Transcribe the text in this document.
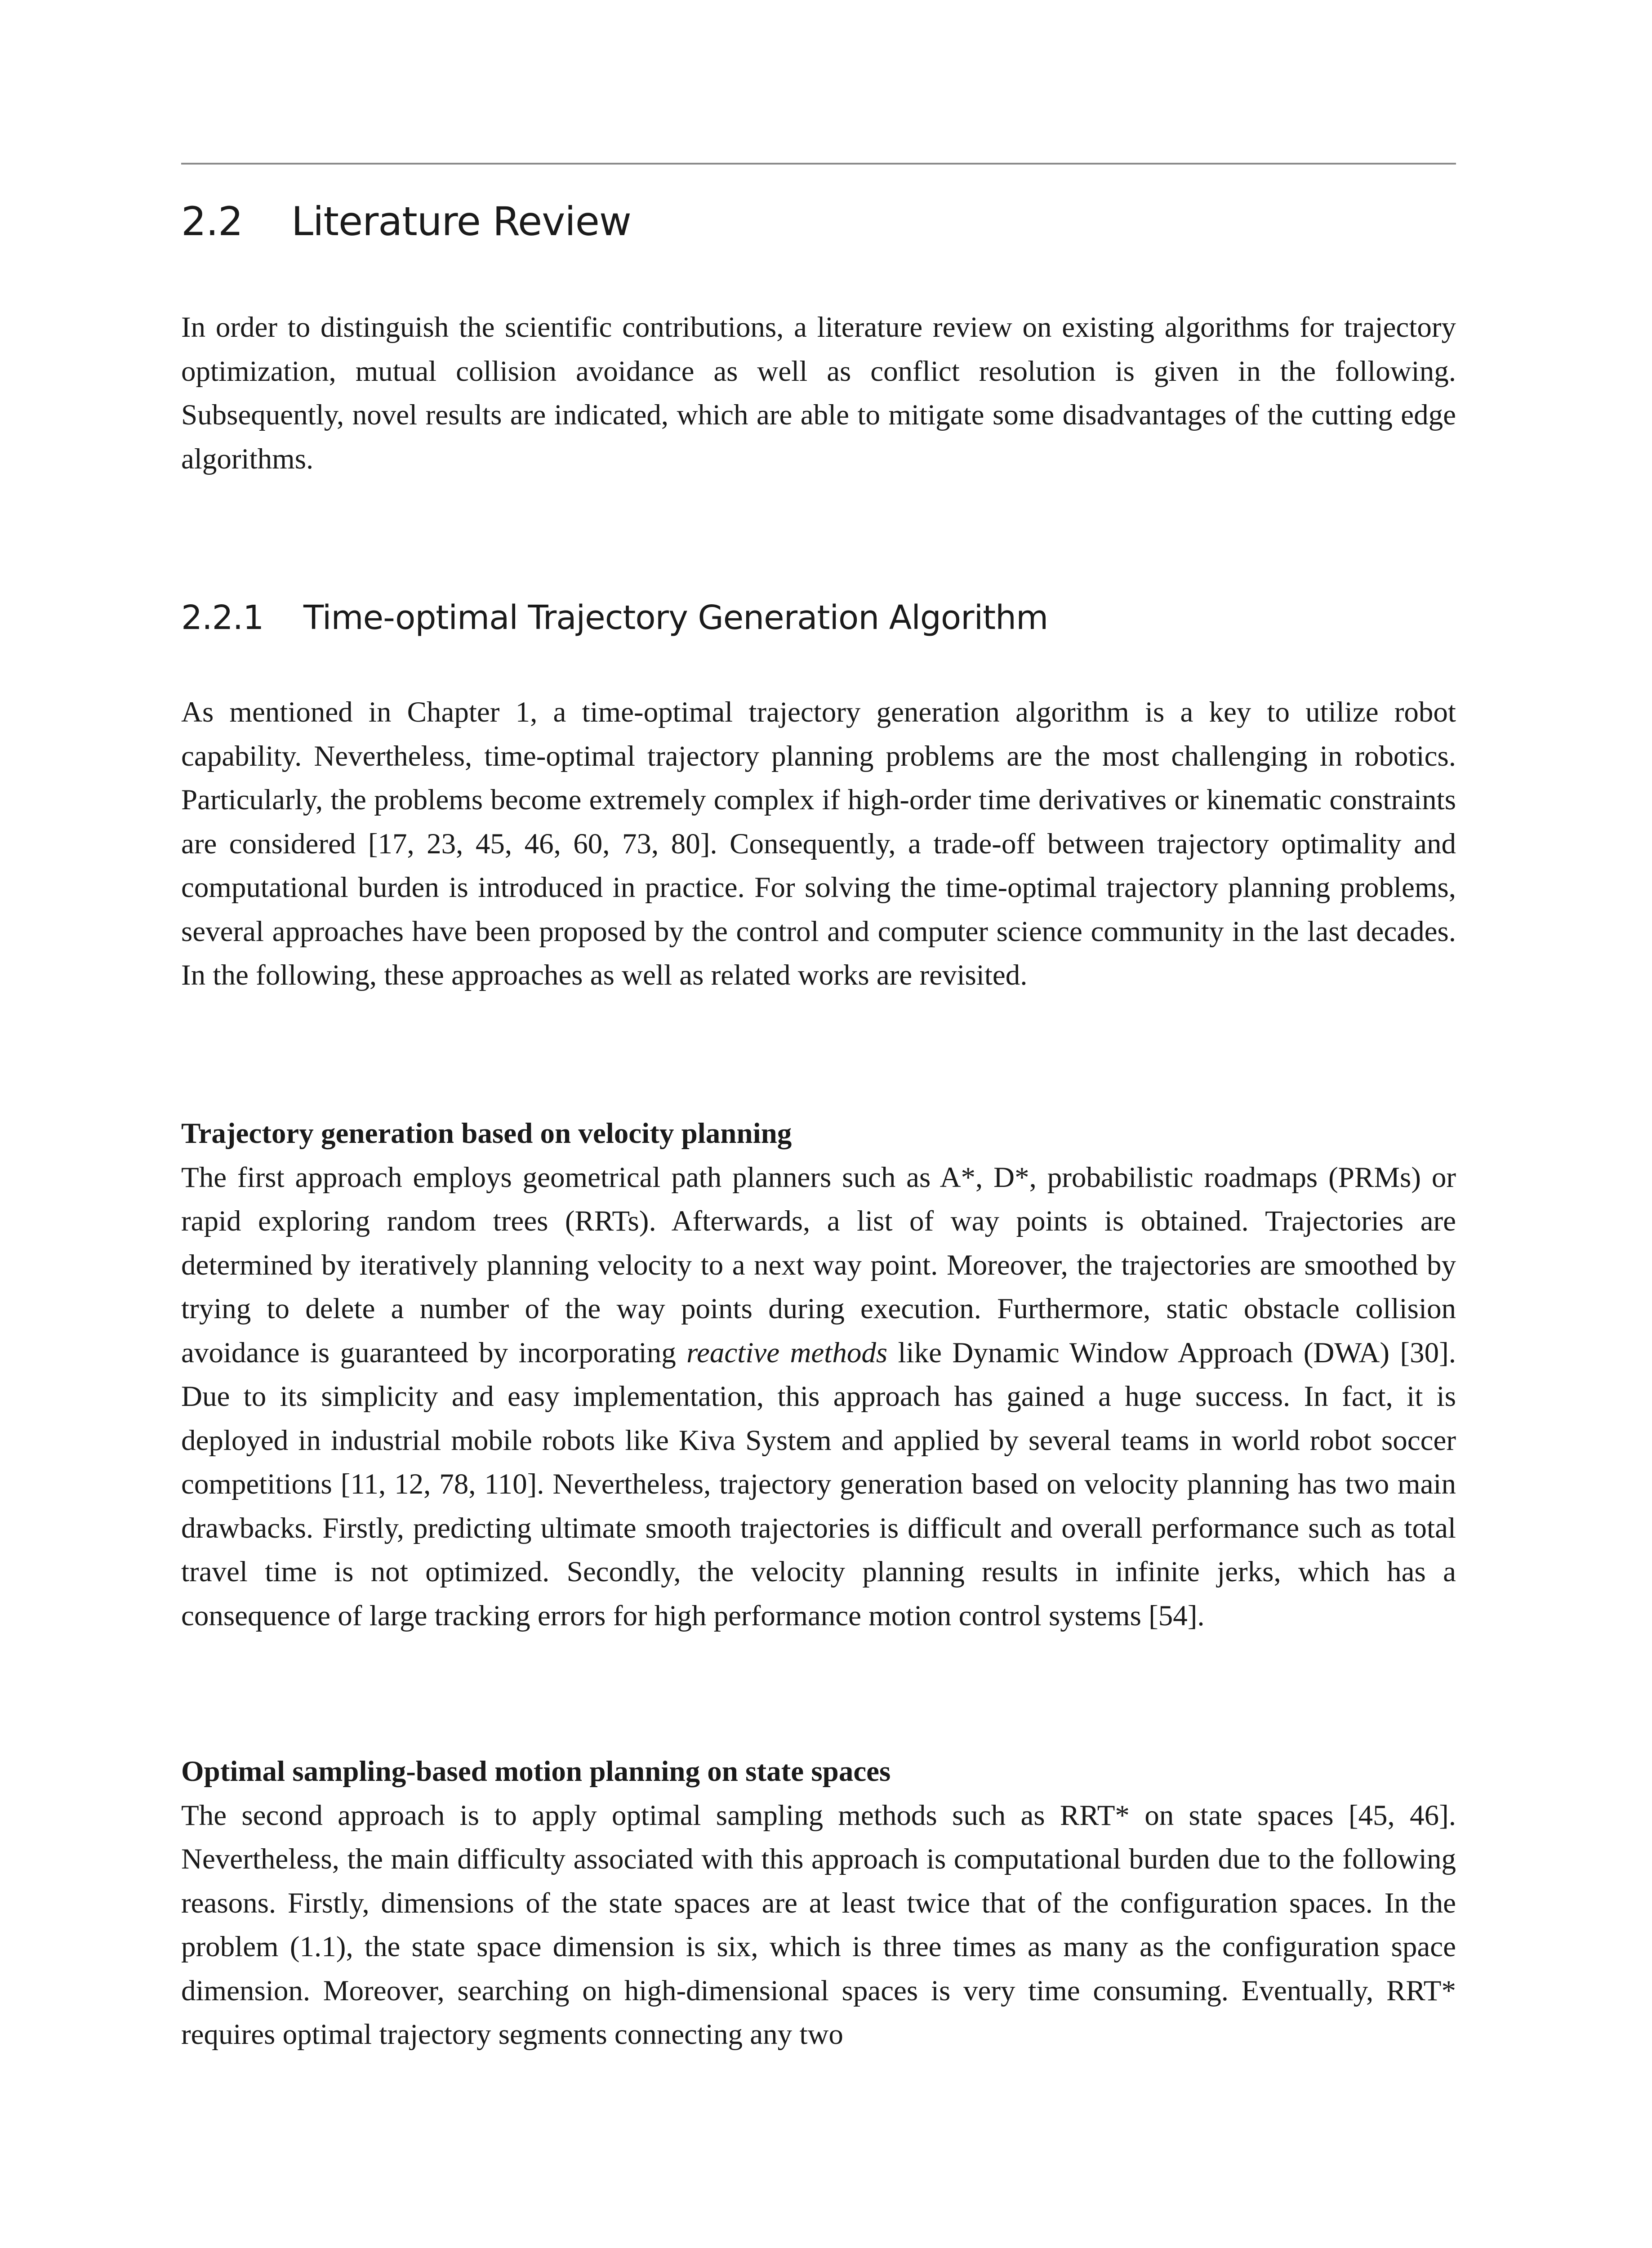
2.2 Literature Review

In order to distinguish the scientific contributions, a literature review on existing algorithms for trajectory optimization, mutual collision avoidance as well as conflict resolution is given in the following. Subsequently, novel results are indicated, which are able to mitigate some disadvantages of the cutting edge algorithms.

2.2.1 Time-optimal Trajectory Generation Algorithm

As mentioned in Chapter 1, a time-optimal trajectory generation algorithm is a key to utilize robot capability. Nevertheless, time-optimal trajectory planning problems are the most challenging in robotics. Particularly, the problems become extremely complex if high-order time derivatives or kinematic constraints are considered [17, 23, 45, 46, 60, 73, 80]. Consequently, a trade-off between trajectory optimality and computational burden is introduced in practice. For solving the time-optimal trajectory planning problems, several approaches have been proposed by the control and computer science community in the last decades. In the following, these approaches as well as related works are revisited.

Trajectory generation based on velocity planning
The first approach employs geometrical path planners such as A*, D*, probabilistic roadmaps (PRMs) or rapid exploring random trees (RRTs). Afterwards, a list of way points is obtained. Trajectories are determined by iteratively planning velocity to a next way point. Moreover, the trajectories are smoothed by trying to delete a number of the way points during execution. Furthermore, static obstacle collision avoidance is guaranteed by incorporating reactive methods like Dynamic Window Approach (DWA) [30]. Due to its simplicity and easy implementation, this approach has gained a huge success. In fact, it is deployed in industrial mobile robots like Kiva System and applied by several teams in world robot soccer competitions [11, 12, 78, 110]. Nevertheless, trajectory generation based on velocity planning has two main drawbacks. Firstly, predicting ultimate smooth trajectories is difficult and overall performance such as total travel time is not optimized. Secondly, the velocity planning results in infinite jerks, which has a consequence of large tracking errors for high performance motion control systems [54].

Optimal sampling-based motion planning on state spaces
The second approach is to apply optimal sampling methods such as RRT* on state spaces [45, 46]. Nevertheless, the main difficulty associated with this approach is computational burden due to the following reasons. Firstly, dimensions of the state spaces are at least twice that of the configuration spaces. In the problem (1.1), the state space dimension is six, which is three times as many as the configuration space dimension. Moreover, searching on high-dimensional spaces is very time consuming. Eventually, RRT* requires optimal trajectory segments connecting any two
